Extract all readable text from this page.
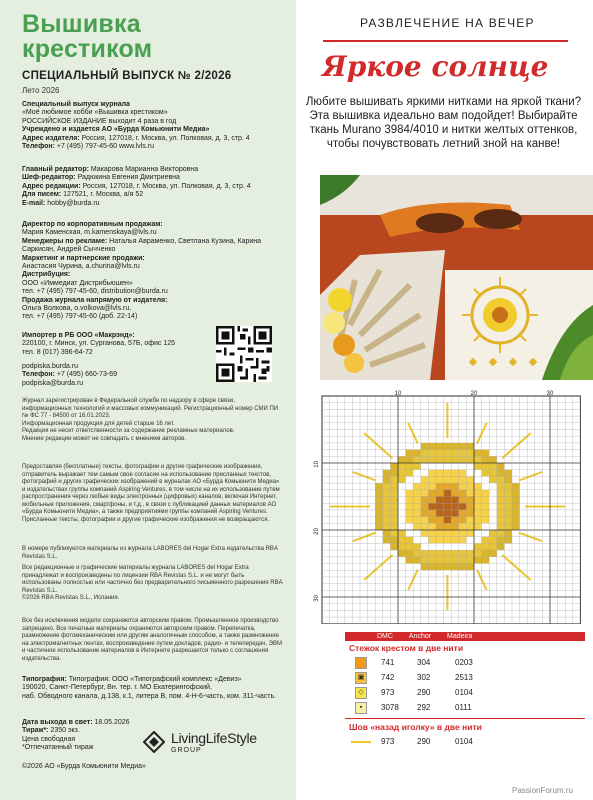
Вышивка
крестиком
СПЕЦИАЛЬНЫЙ ВЫПУСК № 2/2026
Лето 2026
Специальный выпуск журнала
«Моё любимое хобби «Вышивка крестиком»
РОССИЙСКОЕ ИЗДАНИЕ выходит 4 раза в год
Учреждено и издается АО «Бурда Комьюнити Медиа»
Адрес издателя: Россия, 127018, г. Москва, ул. Полковая, д. 3, стр. 4
Телефон: +7 (495) 797-45-60 www.lvls.ru
Главный редактор: Макарова Марианна Викторовна
Шеф-редактор: Радюкина Евгения Дмитриевна
Адрес редакции: Россия, 127018, г. Москва, ул. Полковая, д. 3, стр. 4
Для писем: 127521, г. Москва, а/я 52
E-mail: hobby@burda.ru
Директор по корпоративным продажам:
Мария Каменская, m.kamenskaya@lvls.ru
Менеджеры по рекламе: Наталья Авраменко, Светлана Кузина, Карина
Саркисян, Андрей Сычченко
Маркетинг и партнерские продажи:
Анастасия Чурина, a.churina@lvls.ru
Дистрибуция:
ООО «Иммедиат Дистрибьюшен»
тел. +7 (495) 797-45-60, distribution@burda.ru
Продажа журнала напрямую от издателя:
Ольга Волкова, o.volkova@lvls.ru,
тел. +7 (495) 797-45-60 (доб. 22-14)
Импортер в РБ ООО «Макрэнд»:
220100, г. Минск, ул. Сурганова, 57Б, офис 125
тел. 8 (017) 396-64-72
podpiska.burda.ru
Телефон: +7 (495) 660-73-69
podpiska@burda.ru
Журнал зарегистрирован в Федеральной службе по надзору в сфере связи, информационных технологий и массовых коммуникаций. Регистрационный номер СМИ ПИ № ФС 77 - 84500 от 16.01.2023.
Информационная продукция для детей старше 16 лет.
Редакция не несет ответственности за содержание рекламных материалов.
Мнение редакции может не совпадать с мнением авторов.
Предоставляя (бесплатные) тексты, фотографии и другие графические изображения, отправитель выражает тем самым свое согласие на использование присланных текстов, фотографий и других графических изображений в журналах АО «Бурда Комьюнити Медиа» и издательствах группы компаний Aspiring Ventures, в том числе на их использование путем распространения через любые виды электронных (цифровых) каналов, включая Интернет, мобильные приложения, смартфоны, и т.д., в связи с публикацией данных материалов АО «Бурда Комьюнити Медиа», а также предприятиями группы компаний Aspiring Ventures. Присланные тексты, фотографии и другие графические изображения не возвращаются.
В номере публикуются материалы из журнала LABORES del Hogar Extra издательства RBA Revistas S.L.
Все редакционные и графические материалы журнала LABORES del Hogar Extra принадлежат и воспроизведены по лицензии RBA Revistas S.L. и не могут быть использованы полностью или частично без предварительного письменного разрешения RBA Revistas S.L.
©2026 RBA Revistas S.L., Испания.
Все без исключения модели сохраняются авторским правом. Промышленное производство запрещено. Все печатные материалы охраняются авторским правом. Перепечатка, размножение фотомеханическим или другим аналогичным способом, а также размножение на электромагнитных лентах, воспроизведение путем докладов, радио- и телепередач, ЭВМ и частичное использование материалов в Интернете разрешается только с соглашения издательства.
Типография: Типография: ООО «Типографский комплекс «Девиз»
190020, Санкт-Петербург, Вн. тер. г. МО Екатерингофский,
наб. Обводного канала, д.138, к.1, литера В, пом. 4-Н-6-часть, ком. 311-часть.
Дата выхода в свет: 18.05.2026
Тираж*: 2350 экз.
Цена свободная
*Отпечатанный тираж
©2026 АО «Бурда Комьюнити Медиа»
LivingLifeStyle
GROUP
РАЗВЛЕЧЕНИЕ НА ВЕЧЕР
Яркое солнце
Любите вышивать яркими нитками на яркой ткани? Эта вышивка идеально вам подойдет! Выбирайте ткань Murano 3984/4010 и нитки желтых оттенков, чтобы почувствовать летний зной на канве!
10	20	30
10
20
30
DMC Anchor Madeira
Стежок крестом в две нити
741	304	0203
▣	742	302	2513
◇	973	290	0104
▪	3078 292	0111
Шов «назад иголку» в две нити
973	290	0104
PassionForum.ru
